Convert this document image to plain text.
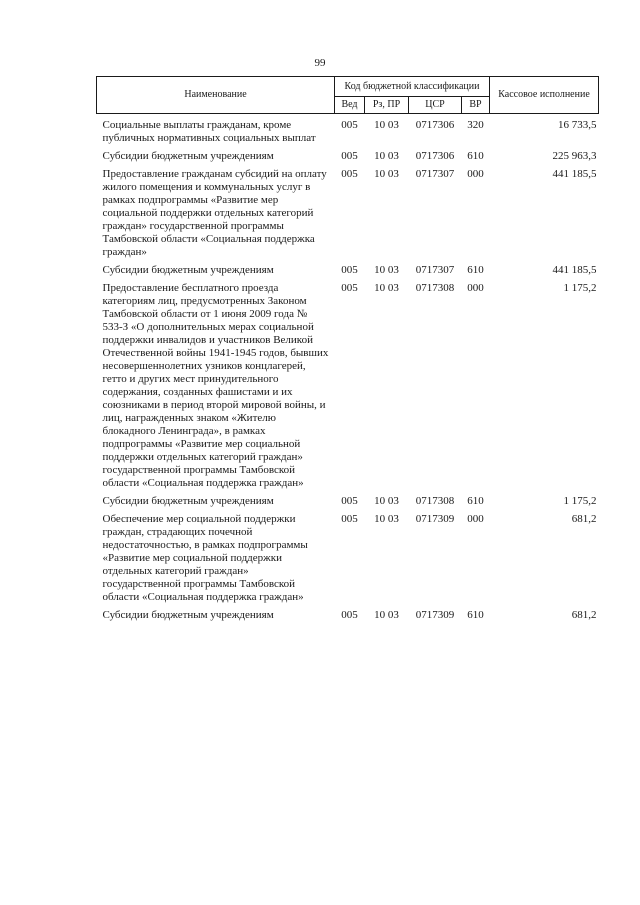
99
Наименование	Код бюджетной классификации				Кассовое исполнение
	Вед	Рз, ПР	ЦСР	ВР	
Социальные выплаты гражданам, кроме публичных нормативных социальных выплат	005	10 03	0717306	320	16 733,5
Субсидии бюджетным учреждениям	005	10 03	0717306	610	225 963,3
Предоставление гражданам субсидий на оплату жилого помещения и коммунальных услуг в рамках подпрограммы «Развитие мер социальной поддержки отдельных категорий граждан» государственной программы Тамбовской области «Социальная поддержка граждан»	005	10 03	0717307	000	441 185,5
Субсидии бюджетным учреждениям	005	10 03	0717307	610	441 185,5
Предоставление бесплатного проезда категориям лиц, предусмотренных Законом Тамбовской области от 1 июня 2009 года № 533-З «О дополнительных мерах социальной поддержки инвалидов и участников Великой Отечественной войны 1941-1945 годов, бывших несовершеннолетних узников концлагерей, гетто и других мест принудительного содержания, созданных фашистами и их союзниками в период второй мировой войны, и лиц, награжденных знаком «Жителю блокадного Ленинграда», в рамках подпрограммы «Развитие мер социальной поддержки отдельных категорий граждан» государственной программы Тамбовской области «Социальная поддержка граждан»	005	10 03	0717308	000	1 175,2
Субсидии бюджетным учреждениям	005	10 03	0717308	610	1 175,2
Обеспечение мер социальной поддержки граждан, страдающих почечной недостаточностью, в рамках подпрограммы «Развитие мер социальной поддержки отдельных категорий граждан» государственной программы Тамбовской области «Социальная поддержка граждан»	005	10 03	0717309	000	681,2
Субсидии бюджетным учреждениям	005	10 03	0717309	610	681,2
